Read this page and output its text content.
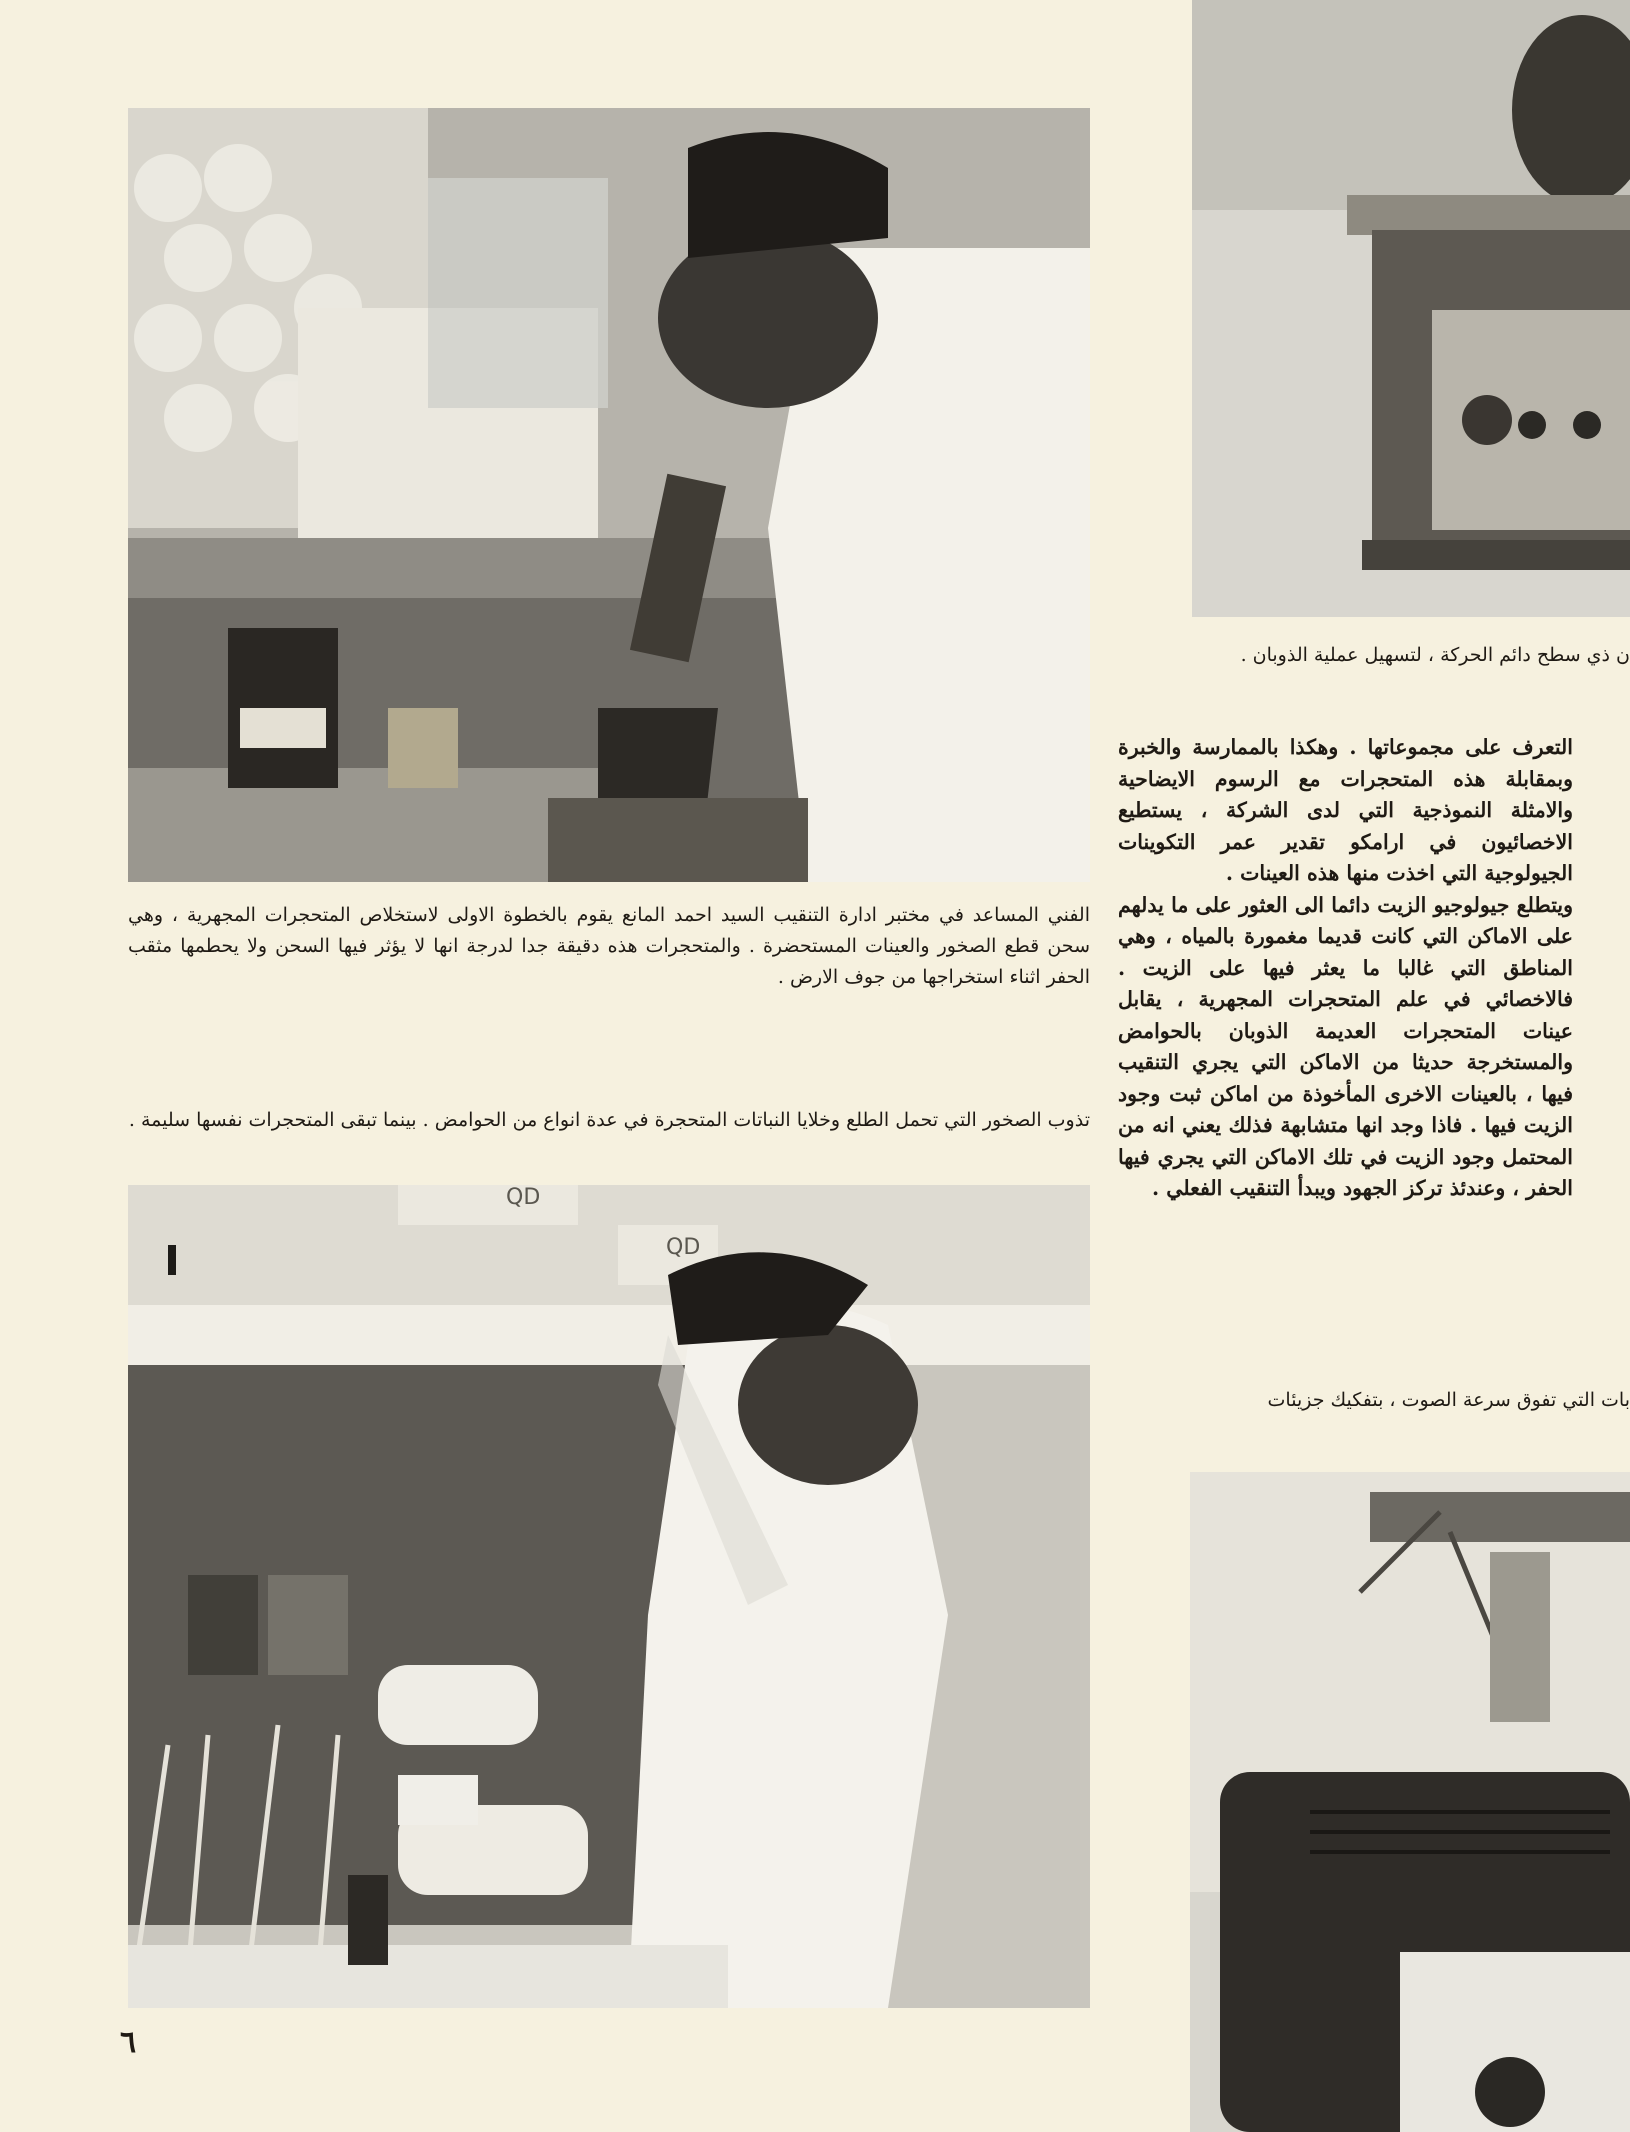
ن ذي سطح دائم الحركة ، لتسهيل عملية الذوبان .
الفني المساعد في مختبر ادارة التنقيب السيد احمد المانع يقوم بالخطوة الاولى لاستخلاص المتحجرات المجهرية ، وهي سحن قطع الصخور والعينات المستحضرة . والمتحجرات هذه دقيقة جدا لدرجة انها لا يؤثر فيها السحن ولا يحطمها مثقب الحفر اثناء استخراجها من جوف الارض .
التعرف على مجموعاتها . وهكذا بالممارسة والخبرة وبمقابلة هذه المتحجرات مع الرسوم الايضاحية والامثلة النموذجية التي لدى الشركة ، يستطيع الاخصائيون في ارامكو تقدير عمر التكوينات الجيولوجية التي اخذت منها هذه العينات .
ويتطلع جيولوجيو الزيت دائما الى العثور على ما يدلهم على الاماكن التي كانت قديما مغمورة بالمياه ، وهي المناطق التي غالبا ما يعثر فيها على الزيت . فالاخصائي في علم المتحجرات المجهرية ، يقابل عينات المتحجرات العديمة الذوبان بالحوامض والمستخرجة حديثا من الاماكن التي يجري التنقيب فيها ، بالعينات الاخرى المأخوذة من اماكن ثبت وجود الزيت فيها . فاذا وجد انها متشابهة فذلك يعني انه من المحتمل وجود الزيت في تلك الاماكن التي يجري فيها الحفر ، وعندئذ تركز الجهود ويبدأ التنقيب الفعلي .
تذوب الصخور التي تحمل الطلع وخلايا النباتات المتحجرة في عدة انواع من الحوامض . بينما تبقى المتحجرات نفسها سليمة .
بات التي تفوق سرعة الصوت ، بتفكيك جزيئات
QD
QD
٦
